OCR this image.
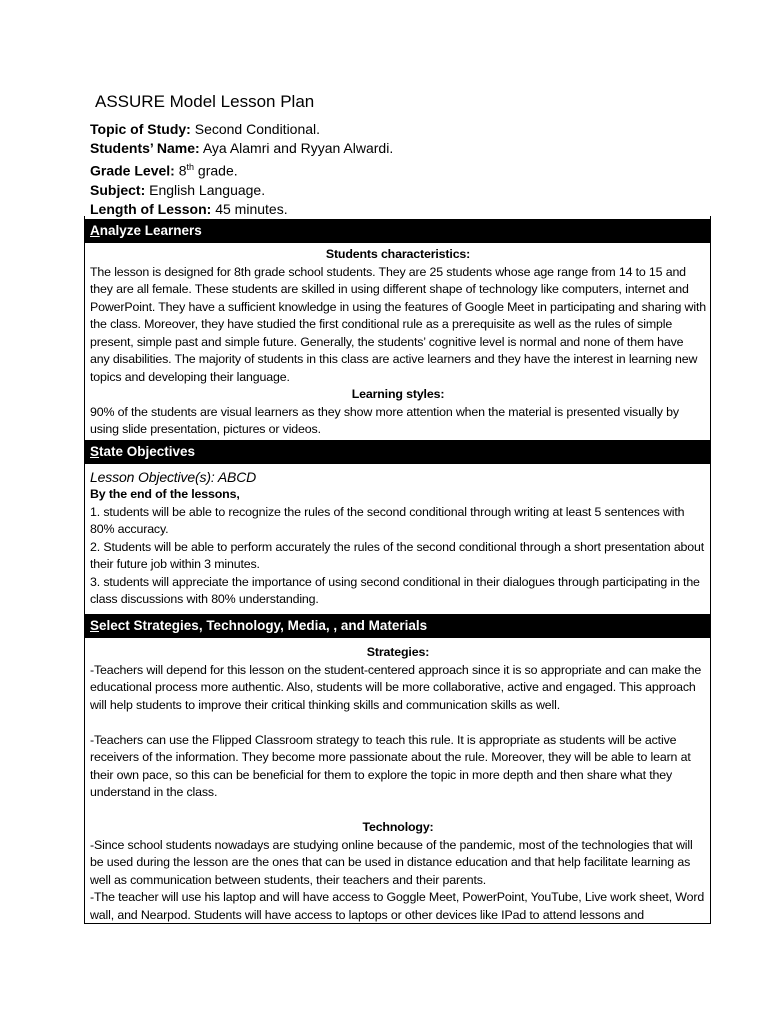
ASSURE Model Lesson Plan
Topic of Study: Second Conditional.
Students’ Name: Aya Alamri and Ryyan Alwardi.
Grade Level: 8th grade.
Subject: English Language.
Length of Lesson: 45 minutes.
Analyze Learners

Students characteristics:

The lesson is designed for 8th grade school students. They are 25 students whose age range from 14 to 15 and they are all female. These students are skilled in using different shape of technology like computers, internet and PowerPoint. They have a sufficient knowledge in using the features of Google Meet in participating and sharing with the class. Moreover, they have studied the first conditional rule as a prerequisite as well as the rules of simple present, simple past and simple future. Generally, the students’ cognitive level is normal and none of them have any disabilities. The majority of students in this class are active learners and they have the interest in learning new topics and developing their language.

Learning styles:

90% of the students are visual learners as they show more attention when the material is presented visually by using slide presentation, pictures or videos.

State Objectives

Lesson Objective(s): ABCD

By the end of the lessons,

1. students will be able to recognize the rules of the second conditional through writing at least 5 sentences with 80% accuracy.

2. Students will be able to perform accurately the rules of the second conditional through a short presentation about their future job within 3 minutes.

3. students will appreciate the importance of using second conditional in their dialogues through participating in the class discussions with 80% understanding.

Select Strategies, Technology, Media, , and Materials

Strategies:

-Teachers will depend for this lesson on the student-centered approach since it is so appropriate and can make the educational process more authentic. Also, students will be more collaborative, active and engaged. This approach will help students to improve their critical thinking skills and communication skills as well.

-Teachers can use the Flipped Classroom strategy to teach this rule. It is appropriate as students will be active receivers of the information. They become more passionate about the rule. Moreover, they will be able to learn at their own pace, so this can be beneficial for them to explore the topic in more depth and then share what they understand in the class.

Technology:

-Since school students nowadays are studying online because of the pandemic, most of the technologies that will be used during the lesson are the ones that can be used in distance education and that help facilitate learning as well as communication between students, their teachers and their parents.

-The teacher will use his laptop and will have access to Goggle Meet, PowerPoint, YouTube, Live work sheet, Word wall, and Nearpod. Students will have access to laptops or other devices like IPad to attend lessons and
